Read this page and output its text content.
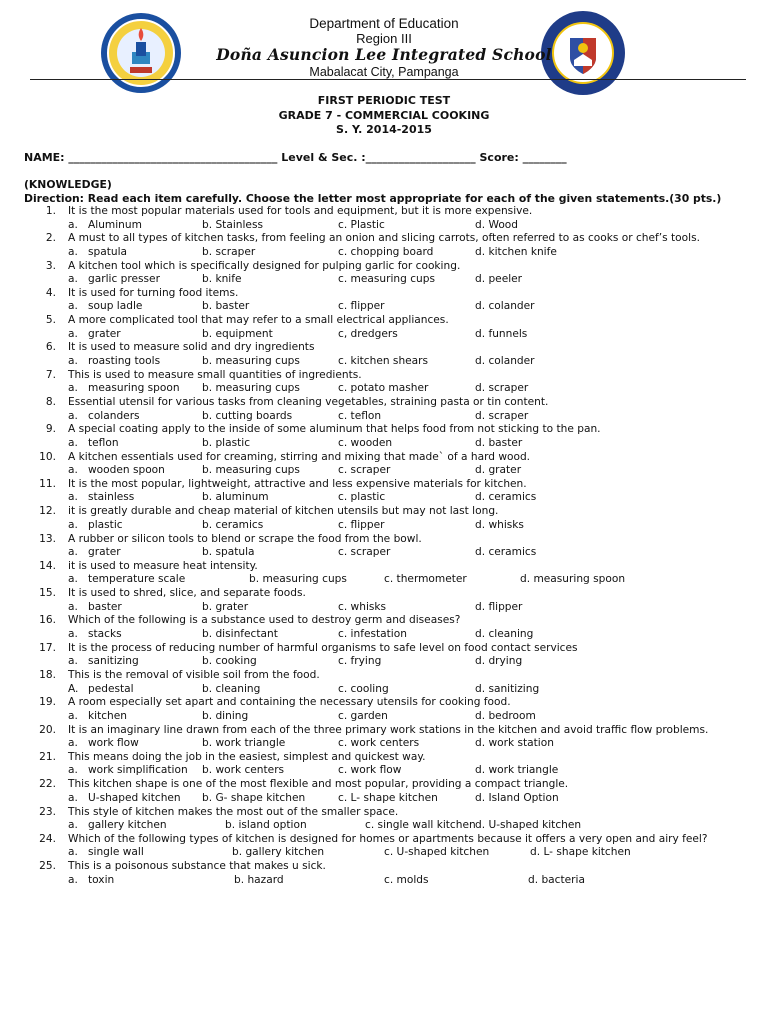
Department of Education
Region III
Doña Asuncion Lee Integrated School
Mabalacat City, Pampanga
FIRST PERIODIC TEST
GRADE 7 - COMMERCIAL COOKING
S. Y. 2014-2015
NAME: ______________________________________ Level & Sec. :____________________ Score: ________
(KNOWLEDGE)
Direction: Read each item carefully. Choose the letter most appropriate for each of the given statements.(30 pts.)
1. It is the most popular materials used for tools and equipment, but it is more expensive.
a. Aluminum	b. Stainless	c. Plastic	d. Wood
2. A must to all types of kitchen tasks, from feeling an onion and slicing carrots, often referred to as cooks or chef’s tools.
a. spatula	b. scraper	c. chopping board	d. kitchen knife
3. A kitchen tool which is specifically designed for pulping garlic for cooking.
a. garlic presser	b. knife	c. measuring cups	d. peeler
4. It is used for turning food items.
a. soup ladle	b. baster	c. flipper	d. colander
5. A more complicated tool that may refer to a small electrical appliances.
a. grater	b. equipment	c, dredgers	d. funnels
6. It is used to measure solid and dry ingredients
a. roasting tools	b. measuring cups	c. kitchen shears	d. colander
7. This is used to measure small quantities of ingredients.
a. measuring spoon b. measuring cups	c. potato masher	d. scraper
8. Essential utensil for various tasks from cleaning vegetables, straining pasta or tin content.
a. colanders	b. cutting boards	c. teflon	d. scraper
9. A special coating apply to the inside of some aluminum that helps food from not sticking to the pan.
a. teflon	b. plastic	c. wooden	d. baster
10. A kitchen essentials used for creaming, stirring and mixing that made` of a hard wood.
a. wooden spoon	b. measuring cups	c. scraper	d. grater
11. It is the most popular, lightweight, attractive and less expensive materials for kitchen.
a. stainless	b. aluminum	c. plastic	d. ceramics
12. it is greatly durable and cheap material of kitchen utensils but may not last long.
a. plastic	b. ceramics	c. flipper	d. whisks
13. A rubber or silicon tools to blend or scrape the food from the bowl.
a. grater	b. spatula	c. scraper	d. ceramics
14. it is used to measure heat intensity.
a. temperature scale	b. measuring cups	c. thermometer	d. measuring spoon
15. It is used to shred, slice, and separate foods.
a. baster	b. grater	c. whisks	d. flipper
16. Which of the following is a substance used to destroy germ and diseases?
a. stacks	b. disinfectant	c. infestation	d. cleaning
17. It is the process of reducing number of harmful organisms to safe level on food contact services
a. sanitizing	b. cooking	c. frying	d. drying
18. This is the removal of visible soil from the food.
A. pedestal	b. cleaning	c. cooling	d. sanitizing
19. A room especially set apart and containing the necessary utensils for cooking food.
a. kitchen	b. dining	c. garden	d. bedroom
20. It is an imaginary line drawn from each of the three primary work stations in the kitchen and avoid traffic flow problems.
a. work flow	b. work triangle	c. work centers	d. work station
21. This means doing the job in the easiest, simplest and quickest way.
a. work simplification b. work centers	c. work flow	d. work triangle
22. This kitchen shape is one of the most flexible and most popular, providing a compact triangle.
a. U-shaped kitchen b. G- shape kitchen	c. L- shape kitchen	d. Island Option
23. This style of kitchen makes the most out of the smaller space.
a. gallery kitchen	b. island option	c. single wall kitchen d. U-shaped kitchen
24. Which of the following types of kitchen is designed for homes or apartments because it offers a very open and airy feel?
a. single wall	b. gallery kitchen	c. U-shaped kitchen	d. L- shape kitchen
25. This is a poisonous substance that makes u sick.
a. toxin	b. hazard	c. molds	d. bacteria
